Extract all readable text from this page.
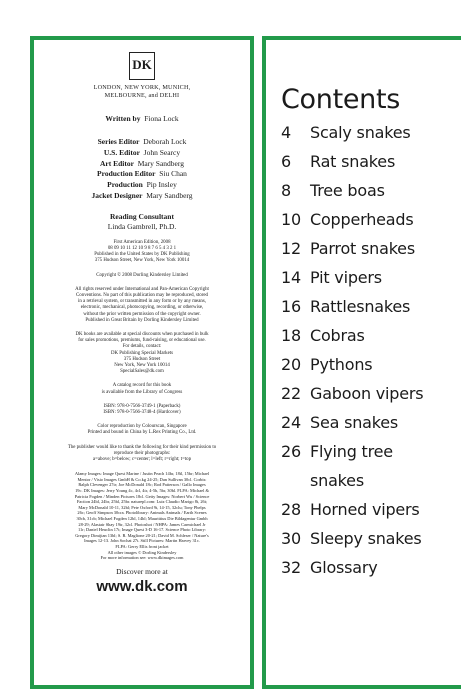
DK
LONDON, NEW YORK, MUNICH,
MELBOURNE, and DELHI
Written by Fiona Lock
Series Editor Deborah Lock
U.S. Editor John Searcy
Art Editor Mary Sandberg
Production Editor Siu Chan
Production Pip Insley
Jacket Designer Mary Sandberg
Reading Consultant
Linda Gambrell, Ph.D.
First American Edition, 2008
08 09 10 11 12 10 9 8 7 6 5 4 3 2 1
Published in the United States by DK Publishing
375 Hudson Street, New York, New York 10014
Copyright © 2008 Dorling Kindersley Limited
All rights reserved under International and Pan-American Copyright
Conventions. No part of this publication may be reproduced, stored
in a retrieval system, or transmitted in any form or by any means,
electronic, mechanical, photocopying, recording, or otherwise,
without the prior written permission of the copyright owner.
Published in Great Britain by Dorling Kindersley Limited
DK books are available at special discounts when purchased in bulk
for sales promotions, premiums, fund-raising, or educational use.
For details, contact:
DK Publishing Special Markets
375 Hudson Street
New York, New York 10014
SpecialSales@dk.com
A catalog record for this book
is available from the Library of Congress
ISBN: 978-0-7566-3749-1 (Paperback)
ISBN: 978-0-7566-3748-4 (Hardcover)
Color reproduction by Colourscan, Singapore
Printed and bound in China by L.Rex Printing Co., Ltd.
The publisher would like to thank the following for their kind permission to
reproduce their photographs:
a=above; b=below; c=center; l=left; r=right; t=top
Alamy Images: Image Quest Marine / Justin Peach 14br, 18tl, 15br; Michael
Mentor / Visio Images GmbH & Co.kg 24-25; Dan Sullivan 30cl. Corbis:
Ralph Clevenger 27tr; Joe McDonald 18c; Rod Patterson / Gallo Images
19c. DK Images: Jerry Young 4c, 4cl, 4tr, 4-5b, 5br, 30bl. FLPA: Michael &
Patricia Fogden / Minden Pictures 18cl. Getty Images: Norbert Wu / Science
Faction 24bl, 24br, 25bl, 25br. naturepl.com: Luiz Claudio Marigo 8t, 26t;
Mary McDonald 10-11, 32bl; Pete Oxford 9t, 14-15, 32clu; Tony Phelps
26c; Geoff Simpson 30cra. Photolibrary: Animals Animals / Earth Scenes
30cb, 31cb; Michael Fogden 12bl, 14bl; Maurittius Die Bildagentur Gmbh
28-29; Alastair Shay 19tr, 32cl. Photoshot / NHPA: James Carmichael Jr
11r; Daniel Heuclin 17t; Image Quest 3-D 16-17. Science Photo Library:
Gregory Dimijian 13bl; S. R. Maglione 20-21; David M. Schleser / Nature's
Images 12-13. John Sochat 27t. Still Pictures: Martin Harvey 31c.
FLPA: Gerry Ellis front jacket
All other images © Dorling Kindersley
For more information see: www.dkimages.com
Discover more at
www.dk.com
Contents
4	Scaly snakes
6	Rat snakes
8	Tree boas
10 Copperheads
12 Parrot snakes
14 Pit vipers
16 Rattlesnakes
18 Cobras
20 Pythons
22 Gaboon vipers
24 Sea snakes
26 Flying tree
snakes
28 Horned vipers
30 Sleepy snakes
32 Glossary
